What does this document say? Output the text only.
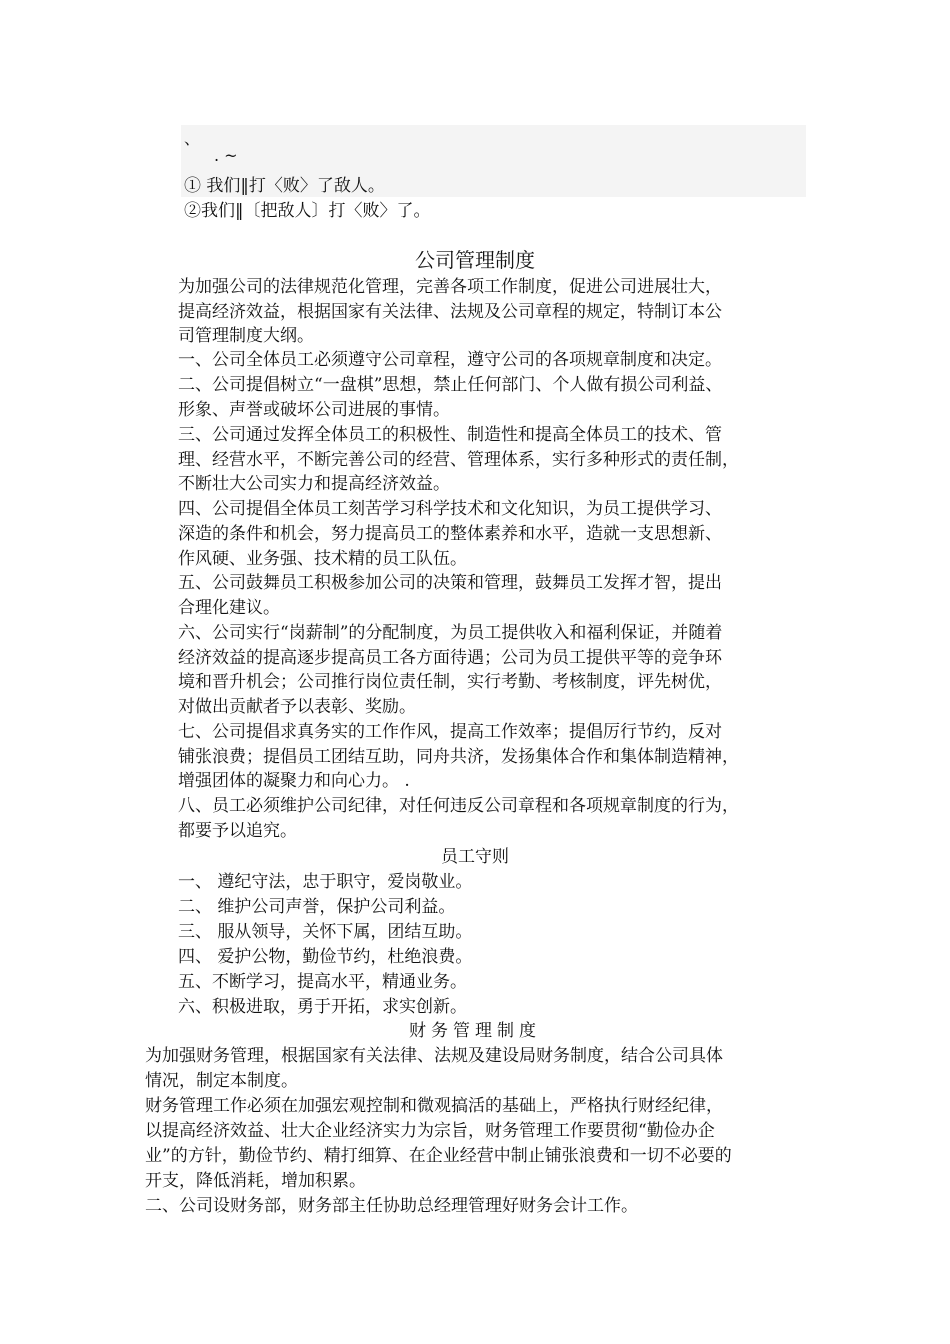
、
. ~
① 我们‖打〈败〉了敌人。
②我们‖〔把敌人〕打〈败〉了。
公司管理制度
为加强公司的法律规范化管理，完善各项工作制度，促进公司进展壮大，
提高经济效益，根据国家有关法律、法规及公司章程的规定，特制订本公
司管理制度大纲。
一、公司全体员工必须遵守公司章程，遵守公司的各项规章制度和决定。
二、公司提倡树立“一盘棋”思想，禁止任何部门、个人做有损公司利益、
形象、声誉或破坏公司进展的事情。
三、公司通过发挥全体员工的积极性、制造性和提高全体员工的技术、管
理、经营水平，不断完善公司的经营、管理体系，实行多种形式的责任制，
不断壮大公司实力和提高经济效益。
四、公司提倡全体员工刻苦学习科学技术和文化知识，为员工提供学习、
深造的条件和机会，努力提高员工的整体素养和水平，造就一支思想新、
作风硬、业务强、技术精的员工队伍。
五、公司鼓舞员工积极参加公司的决策和管理，鼓舞员工发挥才智，提出
合理化建议。
六、公司实行“岗薪制”的分配制度，为员工提供收入和福利保证，并随着
经济效益的提高逐步提高员工各方面待遇；公司为员工提供平等的竞争环
境和晋升机会；公司推行岗位责任制，实行考勤、考核制度，评先树优，
对做出贡献者予以表彰、奖励。
七、公司提倡求真务实的工作作风，提高工作效率；提倡厉行节约，反对
铺张浪费；提倡员工团结互助，同舟共济，发扬集体合作和集体制造精神，
增强团体的凝聚力和向心力。 .
八、员工必须维护公司纪律，对任何违反公司章程和各项规章制度的行为，
都要予以追究。
员工守则
一、 遵纪守法，忠于职守，爱岗敬业。
二、 维护公司声誉，保护公司利益。
三、 服从领导，关怀下属，团结互助。
四、 爱护公物，勤俭节约，杜绝浪费。
五、不断学习，提高水平，精通业务。
六、积极进取，勇于开拓，求实创新。
财务管理制度
为加强财务管理，根据国家有关法律、法规及建设局财务制度，结合公司具体
情况，制定本制度。
财务管理工作必须在加强宏观控制和微观搞活的基础上，严格执行财经纪律，
以提高经济效益、壮大企业经济实力为宗旨，财务管理工作要贯彻“勤俭办企
业”的方针，勤俭节约、精打细算、在企业经营中制止铺张浪费和一切不必要的
开支，降低消耗，增加积累。
二、公司设财务部，财务部主任协助总经理管理好财务会计工作。
